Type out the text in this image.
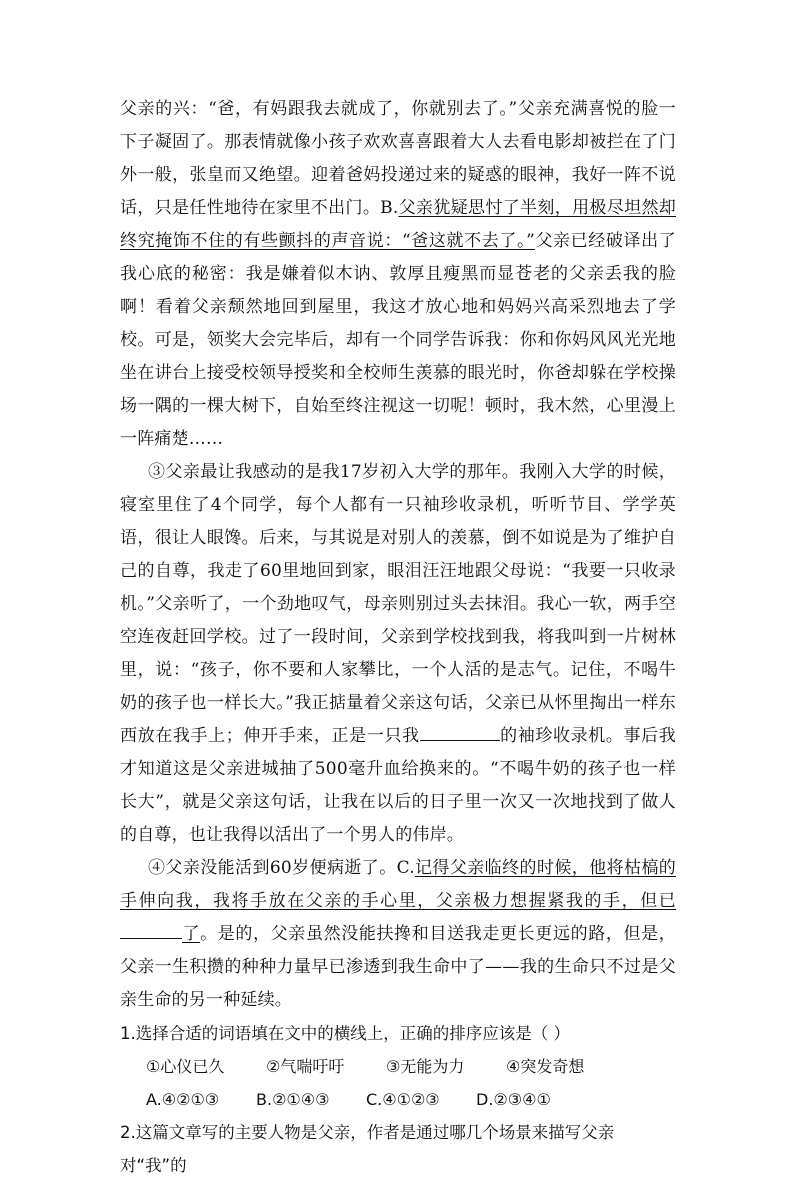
父亲的兴：“爸，有妈跟我去就成了，你就别去了。”父亲充满喜悦的脸一下子凝固了。那表情就像小孩子欢欢喜喜跟着大人去看电影却被拦在了门外一般，张皇而又绝望。迎着爸妈投递过来的疑惑的眼神，我好一阵不说话，只是任性地待在家里不出门。B.父亲犹疑思忖了半刻，用极尽坦然却终究掩饰不住的有些颤抖的声音说：“爸这就不去了。”父亲已经破译出了我心底的秘密：我是嫌着似木讷、敦厚且瘦黑而显苍老的父亲丢我的脸啊！看着父亲颓然地回到屋里，我这才放心地和妈妈兴高采烈地去了学校。可是，领奖大会完毕后，却有一个同学告诉我：你和你妈风风光光地坐在讲台上接受校领导授奖和全校师生羡慕的眼光时，你爸却躲在学校操场一隅的一棵大树下，自始至终注视这一切呢！顿时，我木然，心里漫上一阵痛楚……

③父亲最让我感动的是我17岁初入大学的那年。我刚入大学的时候，寝室里住了4个同学，每个人都有一只袖珍收录机，听听节目、学学英语，很让人眼馋。后来，与其说是对别人的羡慕，倒不如说是为了维护自己的自尊，我走了60里地回到家，眼泪汪汪地跟父母说：“我要一只收录机。”父亲听了，一个劲地叹气，母亲则别过头去抹泪。我心一软，两手空空连夜赶回学校。过了一段时间，父亲到学校找到我，将我叫到一片树林里，说：“孩子，你不要和人家攀比，一个人活的是志气。记住，不喝牛奶的孩子也一样长大。”我正掂量着父亲这句话，父亲已从怀里掏出一样东西放在我手上；伸开手来，正是一只我	的袖珍收录机。事后我才知道这是父亲进城抽了500毫升血给换来的。“不喝牛奶的孩子也一样长大”，就是父亲这句话，让我在以后的日子里一次又一次地找到了做人的自尊，也让我得以活出了一个男人的伟岸。

④父亲没能活到60岁便病逝了。C.记得父亲临终的时候，他将枯槁的手伸向我，我将手放在父亲的手心里，父亲极力想握紧我的手，但已了。是的，父亲虽然没能扶搀和目送我走更长更远的路，但是，父亲一生积攒的种种力量早已渗透到我生命中了——我的生命只不过是父亲生命的另一种延续。

1.选择合适的词语填在文中的横线上，正确的排序应该是（ ）

①心仪已久	②气喘吁吁	③无能为力	④突发奇想
A.④②①③	B.②①④③	C.④①②③	D.②③④①

2.这篇文章写的主要人物是父亲，作者是通过哪几个场景来描写父亲对“我”的
